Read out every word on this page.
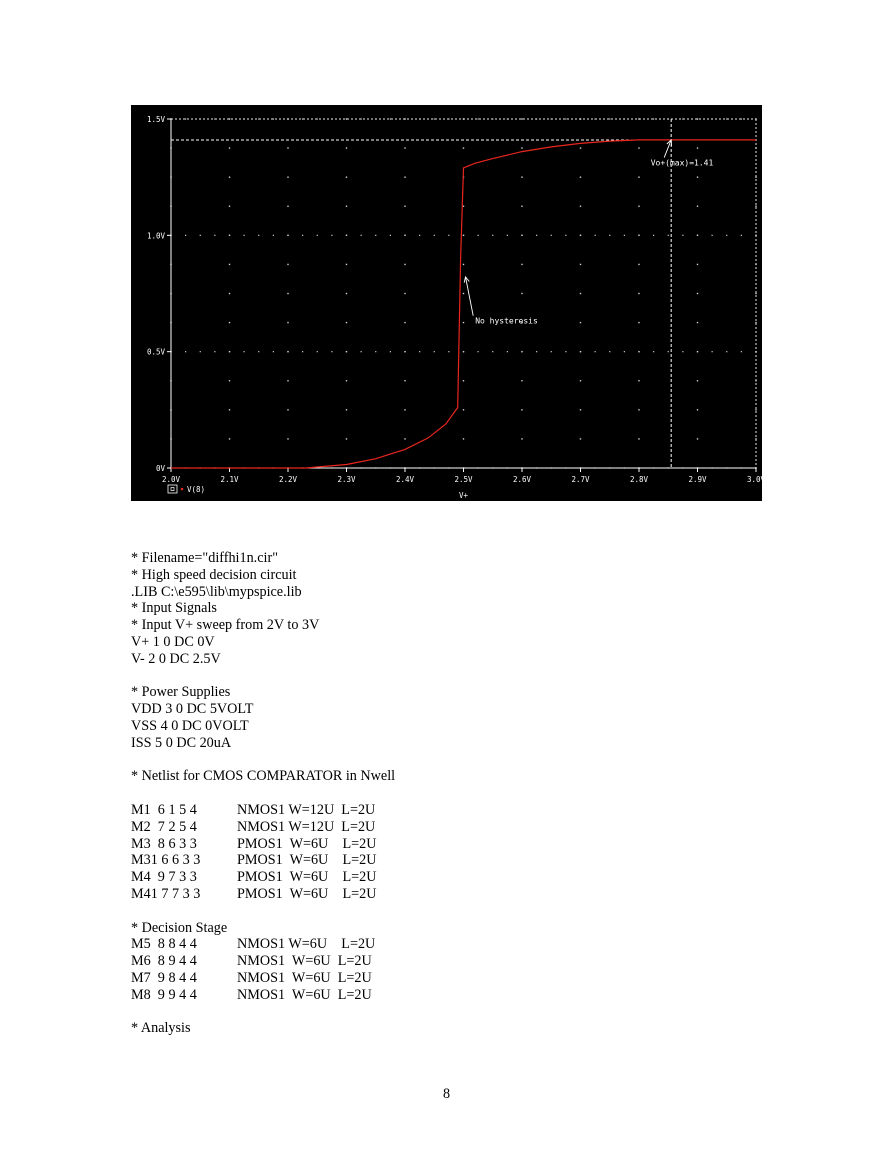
2.0V	2.1V	2.2V	2.3V	2.4V	2.5V	2.6V	2.7V	2.8V	2.9V	3.0V
0V
0.5V
1.0V
1.5V
V+
Vo+(max)=1.41
No hysteresis
V(8)
* Filename="diffhi1n.cir"
* High speed decision circuit
.LIB C:\e595\lib\mypspice.lib
* Input Signals
* Input V+ sweep from 2V to 3V
V+ 1 0 DC 0V
V- 2 0 DC 2.5V
* Power Supplies
VDD 3 0 DC 5VOLT
VSS 4 0 DC 0VOLT
ISS 5 0 DC 20uA
* Netlist for CMOS COMPARATOR in Nwell
M1  6 1 5 4	NMOS1 W=12U  L=2U
M2  7 2 5 4	NMOS1 W=12U  L=2U
M3  8 6 3 3	PMOS1  W=6U    L=2U
M31 6 6 3 3	PMOS1  W=6U    L=2U
M4  9 7 3 3	PMOS1  W=6U    L=2U
M41 7 7 3 3	PMOS1  W=6U    L=2U
* Decision Stage
M5  8 8 4 4	NMOS1 W=6U    L=2U
M6  8 9 4 4	NMOS1  W=6U  L=2U
M7  9 8 4 4	NMOS1  W=6U  L=2U
M8  9 9 4 4	NMOS1  W=6U  L=2U
* Analysis
8
